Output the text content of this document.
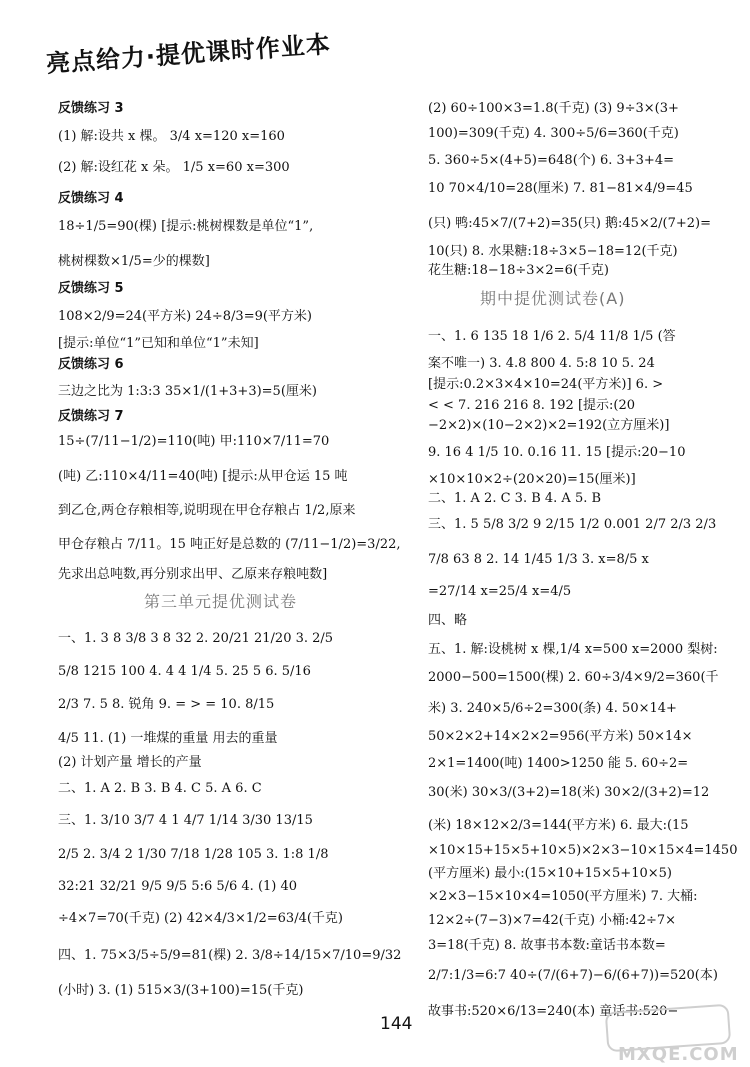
亮点给力·提优课时作业本
反馈练习 3
(1) 解:设共 x 棵。 3/4 x=120 x=160
(2) 解:设红花 x 朵。 1/5 x=60 x=300
反馈练习 4
18÷1/5=90(棵) [提示:桃树棵数是单位“1”,
桃树棵数×1/5=少的棵数]
反馈练习 5
108×2/9=24(平方米) 24÷8/3=9(平方米)
[提示:单位“1”已知和单位“1”未知]
反馈练习 6
三边之比为 1:3:3 35×1/(1+3+3)=5(厘米)
反馈练习 7
15÷(7/11−1/2)=110(吨) 甲:110×7/11=70
(吨) 乙:110×4/11=40(吨) [提示:从甲仓运 15 吨
到乙仓,两仓存粮相等,说明现在甲仓存粮占 1/2,原来
甲仓存粮占 7/11。15 吨正好是总数的 (7/11−1/2)=3/22,
先求出总吨数,再分别求出甲、乙原来存粮吨数]
第三单元提优测试卷
一、1. 3 8 3/8 3 8 32 2. 20/21 21/20 3. 2/5
5/8 1215 100 4. 4 4 1/4 5. 25 5 6. 5/16
2/3 7. 5 8. 锐角 9. = > = 10. 8/15
4/5 11. (1) 一堆煤的重量 用去的重量
(2) 计划产量 增长的产量
二、1. A 2. B 3. B 4. C 5. A 6. C
三、1. 3/10 3/7 4 1 4/7 1/14 3/30 13/15
2/5 2. 3/4 2 1/30 7/18 1/28 105 3. 1:8 1/8
32:21 32/21 9/5 9/5 5:6 5/6 4. (1) 40
÷4×7=70(千克) (2) 42×4/3×1/2=63/4(千克)
四、1. 75×3/5÷5/9=81(棵) 2. 3/8÷14/15×7/10=9/32
(小时) 3. (1) 515×3/(3+100)=15(千克)
(2) 60÷100×3=1.8(千克) (3) 9÷3×(3+
100)=309(千克) 4. 300÷5/6=360(千克)
5. 360÷5×(4+5)=648(个) 6. 3+3+4=
10 70×4/10=28(厘米) 7. 81−81×4/9=45
(只) 鸭:45×7/(7+2)=35(只) 鹅:45×2/(7+2)=
10(只) 8. 水果糖:18÷3×5−18=12(千克)
花生糖:18−18÷3×2=6(千克)
期中提优测试卷(A)
一、1. 6 135 18 1/6 2. 5/4 11/8 1/5 (答
案不唯一) 3. 4.8 800 4. 5:8 10 5. 24
[提示:0.2×3×4×10=24(平方米)] 6. >
< < 7. 216 216 8. 192 [提示:(20
−2×2)×(10−2×2)×2=192(立方厘米)]
9. 16 4 1/5 10. 0.16 11. 15 [提示:20−10
×10×10×2÷(20×20)=15(厘米)]
二、1. A 2. C 3. B 4. A 5. B
三、1. 5 5/8 3/2 9 2/15 1/2 0.001 2/7 2/3 2/3
7/8 63 8 2. 14 1/45 1/3 3. x=8/5 x
=27/14 x=25/4 x=4/5
四、略
五、1. 解:设桃树 x 棵,1/4 x=500 x=2000 梨树:
2000−500=1500(棵) 2. 60÷3/4×9/2=360(千
米) 3. 240×5/6÷2=300(条) 4. 50×14+
50×2×2+14×2×2=956(平方米) 50×14×
2×1=1400(吨) 1400>1250 能 5. 60÷2=
30(米) 30×3/(3+2)=18(米) 30×2/(3+2)=12
(米) 18×12×2/3=144(平方米) 6. 最大:(15
×10×15+15×5+10×5)×2×3−10×15×4=1450
(平方厘米) 最小:(15×10+15×5+10×5)
×2×3−15×10×4=1050(平方厘米) 7. 大桶:
12×2÷(7−3)×7=42(千克) 小桶:42÷7×
3=18(千克) 8. 故事书本数:童话书本数=
2/7:1/3=6:7 40÷(7/(6+7)−6/(6+7))=520(本)
故事书:520×6/13=240(本) 童话书:520−
144
MXQE.COM
